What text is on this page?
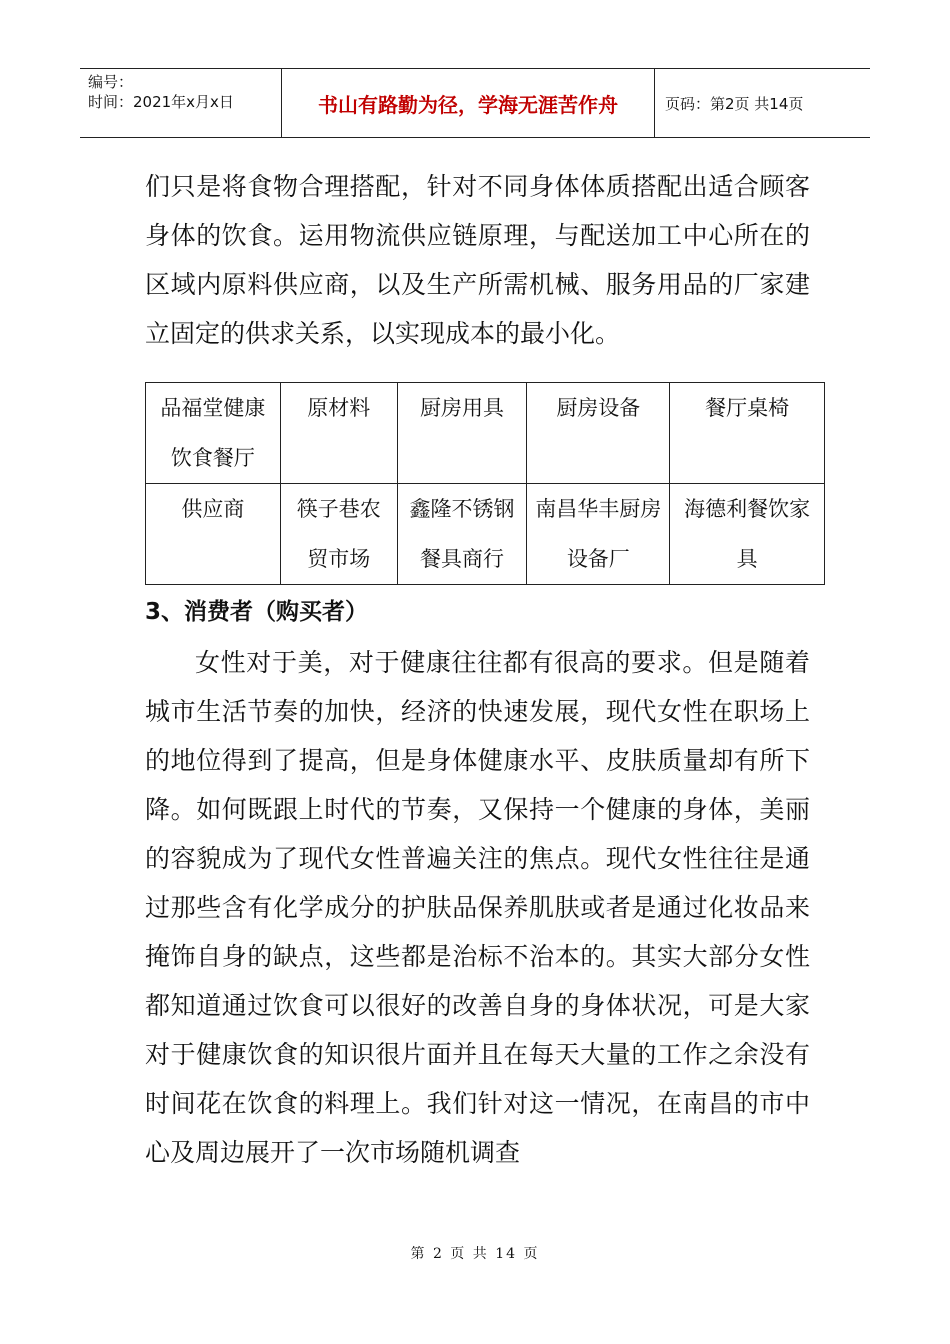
编号：
时间：2021年x月x日	书山有路勤为径，学海无涯苦作舟	页码：第2页 共14页

们只是将食物合理搭配，针对不同身体体质搭配出适合顾客身体的饮食。运用物流供应链原理，与配送加工中心所在的区域内原料供应商，以及生产所需机械、服务用品的厂家建立固定的供求关系，以实现成本的最小化。

品福堂健康饮食餐厅	原材料	厨房用具	厨房设备	餐厅桌椅
供应商	筷子巷农贸市场	鑫隆不锈钢餐具商行	南昌华丰厨房设备厂	海德利餐饮家具
3、消费者（购买者）

女性对于美，对于健康往往都有很高的要求。但是随着城市生活节奏的加快，经济的快速发展，现代女性在职场上的地位得到了提高，但是身体健康水平、皮肤质量却有所下降。如何既跟上时代的节奏，又保持一个健康的身体，美丽的容貌成为了现代女性普遍关注的焦点。现代女性往往是通过那些含有化学成分的护肤品保养肌肤或者是通过化妆品来掩饰自身的缺点，这些都是治标不治本的。其实大部分女性都知道通过饮食可以很好的改善自身的身体状况，可是大家对于健康饮食的知识很片面并且在每天大量的工作之余没有时间花在饮食的料理上。我们针对这一情况，在南昌的市中心及周边展开了一次市场随机调查

第 2 页 共 14 页
